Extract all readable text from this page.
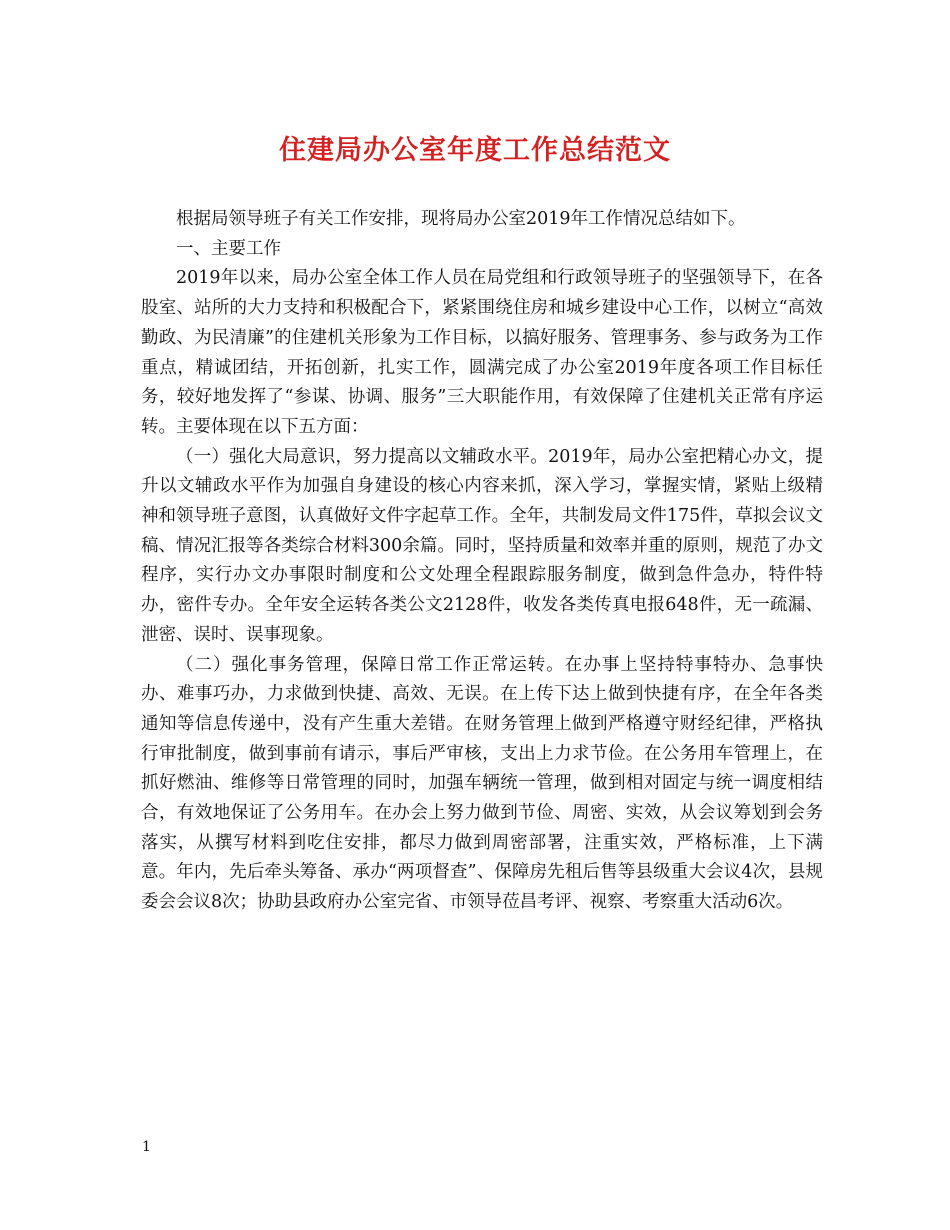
住建局办公室年度工作总结范文

根据局领导班子有关工作安排，现将局办公室2019年工作情况总结如下。

一、主要工作

2019年以来，局办公室全体工作人员在局党组和行政领导班子的坚强领导下，在各股室、站所的大力支持和积极配合下，紧紧围绕住房和城乡建设中心工作，以树立“高效勤政、为民清廉”的住建机关形象为工作目标，以搞好服务、管理事务、参与政务为工作重点，精诚团结，开拓创新，扎实工作，圆满完成了办公室2019年度各项工作目标任务，较好地发挥了“参谋、协调、服务”三大职能作用，有效保障了住建机关正常有序运转。主要体现在以下五方面：

（一）强化大局意识，努力提高以文辅政水平。2019年，局办公室把精心办文，提升以文辅政水平作为加强自身建设的核心内容来抓，深入学习，掌握实情，紧贴上级精神和领导班子意图，认真做好文件字起草工作。全年，共制发局文件175件，草拟会议文稿、情况汇报等各类综合材料300余篇。同时，坚持质量和效率并重的原则，规范了办文程序，实行办文办事限时制度和公文处理全程跟踪服务制度，做到急件急办，特件特办，密件专办。全年安全运转各类公文2128件，收发各类传真电报648件，无一疏漏、泄密、误时、误事现象。

（二）强化事务管理，保障日常工作正常运转。在办事上坚持特事特办、急事快办、难事巧办，力求做到快捷、高效、无误。在上传下达上做到快捷有序，在全年各类通知等信息传递中，没有产生重大差错。在财务管理上做到严格遵守财经纪律，严格执行审批制度，做到事前有请示，事后严审核，支出上力求节俭。在公务用车管理上，在抓好燃油、维修等日常管理的同时，加强车辆统一管理，做到相对固定与统一调度相结合，有效地保证了公务用车。在办会上努力做到节俭、周密、实效，从会议筹划到会务落实，从撰写材料到吃住安排，都尽力做到周密部署，注重实效，严格标准，上下满意。年内，先后牵头筹备、承办“两项督查”、保障房先租后售等县级重大会议4次，县规委会会议8次；协助县政府办公室完省、市领导莅昌考评、视察、考察重大活动6次。

1
